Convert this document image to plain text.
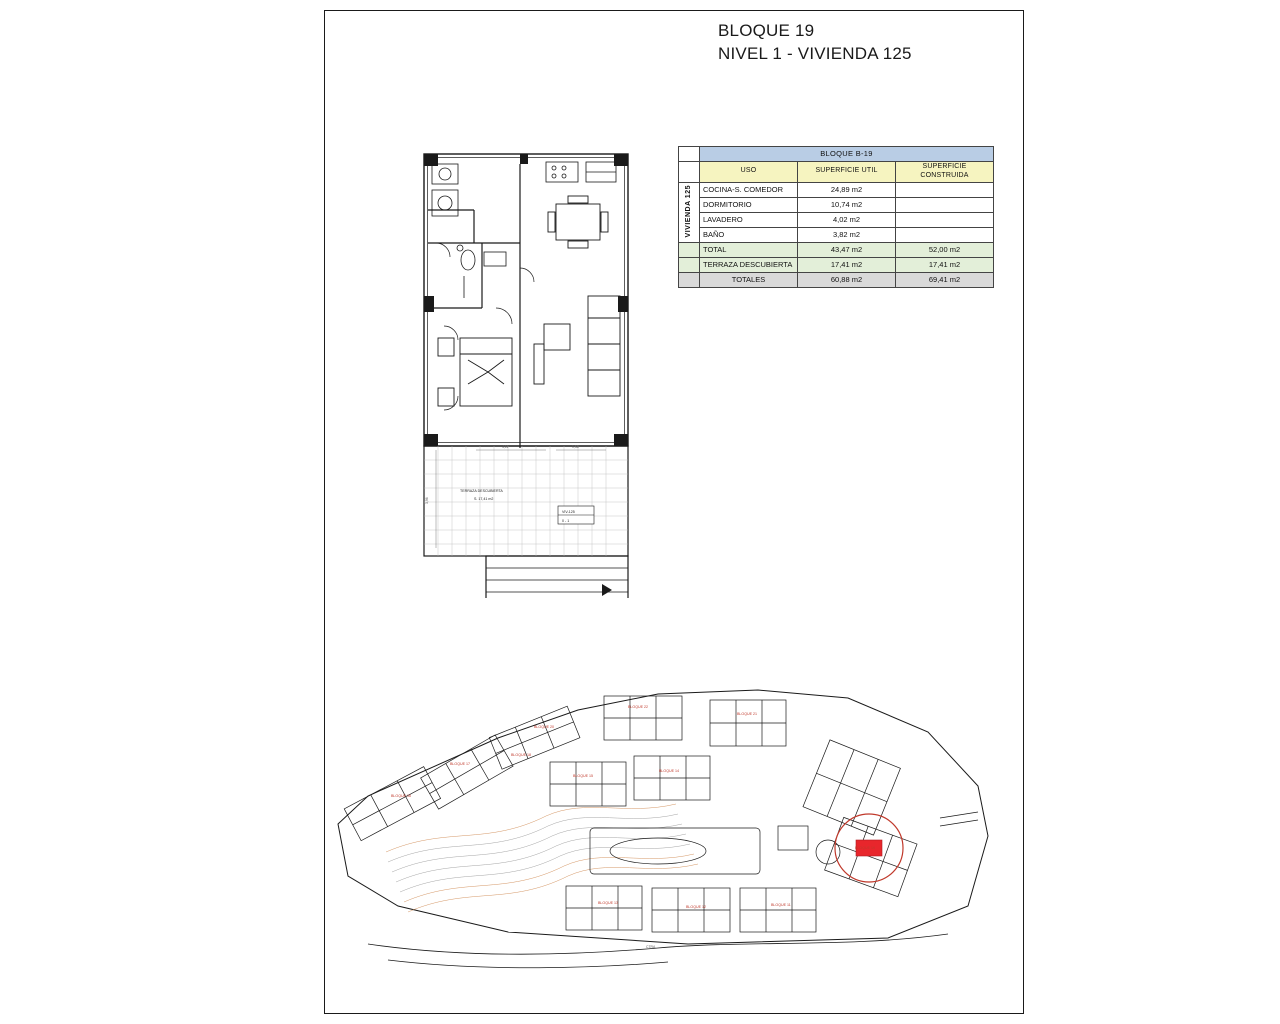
BLOQUE 19
NIVEL 1 - VIVIENDA 125
	BLOQUE B-19		
	USO	SUPERFICIE UTIL	SUPERFICIE
CONSTRUIDA
VIVIENDA 125	COCINA-S. COMEDOR	24,89 m2	
	DORMITORIO	10,74 m2	
	LAVADERO	4,02 m2	
	BAÑO	3,82 m2	
	TOTAL	43,47 m2	52,00 m2
	TERRAZA DESCUBIERTA	17,41 m2	17,41 m2
	TOTALES	60,88 m2	69,41 m2
VIV-125
0 - 1
TERRAZA DESCUBIERTA
S. 17,41 m2
3,96
4,11	1,58
BLOQUE 22
BLOQUE 21
BLOQUE 20
BLOQUE 19
BLOQUE 18
BLOQUE 17
BLOQUE 16
BLOQUE 15
BLOQUE 14
BLOQUE 13
BLOQUE 12	BLOQUE 11
CTRA.
